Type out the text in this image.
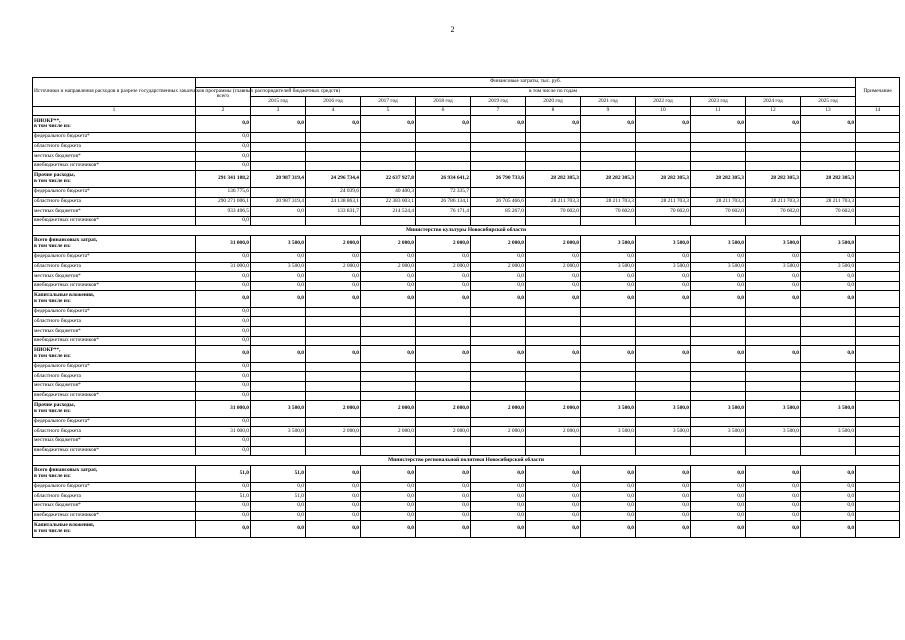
2
Источники и направления расходов в разрезе государственных заказчиков программы (главных распорядителей бюджетных средств)	Финансовые затраты, тыс. руб.												Примечание
	всего	в том числе по годам											
		2015 год	2016 год	2017 год	2018 год	2019 год	2020 год	2021 год	2022 год	2023 год	2024 год	2025 год	
1	2	3	4	5	6	7	8	9	10	11	12	13	14

НИОКР**,
в том числе из:	0,0	0,0	0,0	0,0	0,0	0,0	0,0	0,0	0,0	0,0	0,0	0,0	
федерального бюджета*	0,0												
областного бюджета	0,0												
местных бюджетов*	0,0												
внебюджетных источников*	0,0												

Прочие расходы,
в том числе из:	291 341 188,2	20 987 319,4	24 296 734,4	22 637 927,8	26 934 641,2	26 790 733,6	28 282 305,3	28 282 305,3	28 282 305,3	28 282 305,3	28 282 305,3	28 282 305,3	
федерального бюджета*	136 775,6		24 039,6	40 400,3	72 335,7								
областного бюджета	290 271 006,1	20 987 319,4	24 138 863,1	22 383 003,1	26 786 134,1	26 705 466,6	28 211 703,3	28 211 703,3	28 211 703,3	28 211 703,3	28 211 703,3	28 211 703,3	
местных бюджетов*	933 406,5	0,0	133 831,7	214 524,4	76 171,4	85 267,0	70 602,0	70 602,0	70 602,0	70 602,0	70 602,0	70 602,0	
внебюджетных источников*	0,0												
Министерство культуры Новосибирской области													

Всего финансовых затрат,
в том числе из:	31 000,0	3 500,0	2 000,0	2 000,0	2 000,0	2 000,0	2 000,0	3 500,0	3 500,0	3 500,0	3 500,0	3 500,0	
федерального бюджета*	0,0	0,0	0,0	0,0	0,0	0,0	0,0	0,0	0,0	0,0	0,0	0,0	
областного бюджета	31 000,0	3 500,0	2 000,0	2 000,0	2 000,0	2 000,0	2 000,0	3 500,0	3 500,0	3 500,0	3 500,0	3 500,0	
местных бюджетов*	0,0	0,0	0,0	0,0	0,0	0,0	0,0	0,0	0,0	0,0	0,0	0,0	
внебюджетных источников*	0,0	0,0	0,0	0,0	0,0	0,0	0,0	0,0	0,0	0,0	0,0	0,0	

Капитальные вложения,
в том числе из:	0,0	0,0	0,0	0,0	0,0	0,0	0,0	0,0	0,0	0,0	0,0	0,0	
федерального бюджета*	0,0												
областного бюджета	0,0												
местных бюджетов*	0,0												
внебюджетных источников*	0,0												

НИОКР**,
в том числе из:	0,0	0,0	0,0	0,0	0,0	0,0	0,0	0,0	0,0	0,0	0,0	0,0	
федерального бюджета*	0,0												
областного бюджета	0,0												
местных бюджетов*	0,0												
внебюджетных источников*	0,0												

Прочие расходы,
в том числе из:	31 000,0	3 500,0	2 000,0	2 000,0	2 000,0	2 000,0	2 000,0	3 500,0	3 500,0	3 500,0	3 500,0	3 500,0	
федерального бюджета*	0,0												
областного бюджета	31 000,0	3 500,0	2 000,0	2 000,0	2 000,0	2 000,0	2 000,0	3 500,0	3 500,0	3 500,0	3 500,0	3 500,0	
местных бюджетов*	0,0												
внебюджетных источников*	0,0												
Министерство региональной политики Новосибирской области													

Всего финансовых затрат,
в том числе из:	51,0	51,0	0,0	0,0	0,0	0,0	0,0	0,0	0,0	0,0	0,0	0,0	
федерального бюджета*	0,0	0,0	0,0	0,0	0,0	0,0	0,0	0,0	0,0	0,0	0,0	0,0	
областного бюджета	51,0	51,0	0,0	0,0	0,0	0,0	0,0	0,0	0,0	0,0	0,0	0,0	
местных бюджетов*	0,0	0,0	0,0	0,0	0,0	0,0	0,0	0,0	0,0	0,0	0,0	0,0	
внебюджетных источников*	0,0	0,0	0,0	0,0	0,0	0,0	0,0	0,0	0,0	0,0	0,0	0,0	

Капитальные вложения,
в том числе из:	0,0	0,0	0,0	0,0	0,0	0,0	0,0	0,0	0,0	0,0	0,0	0,0	
